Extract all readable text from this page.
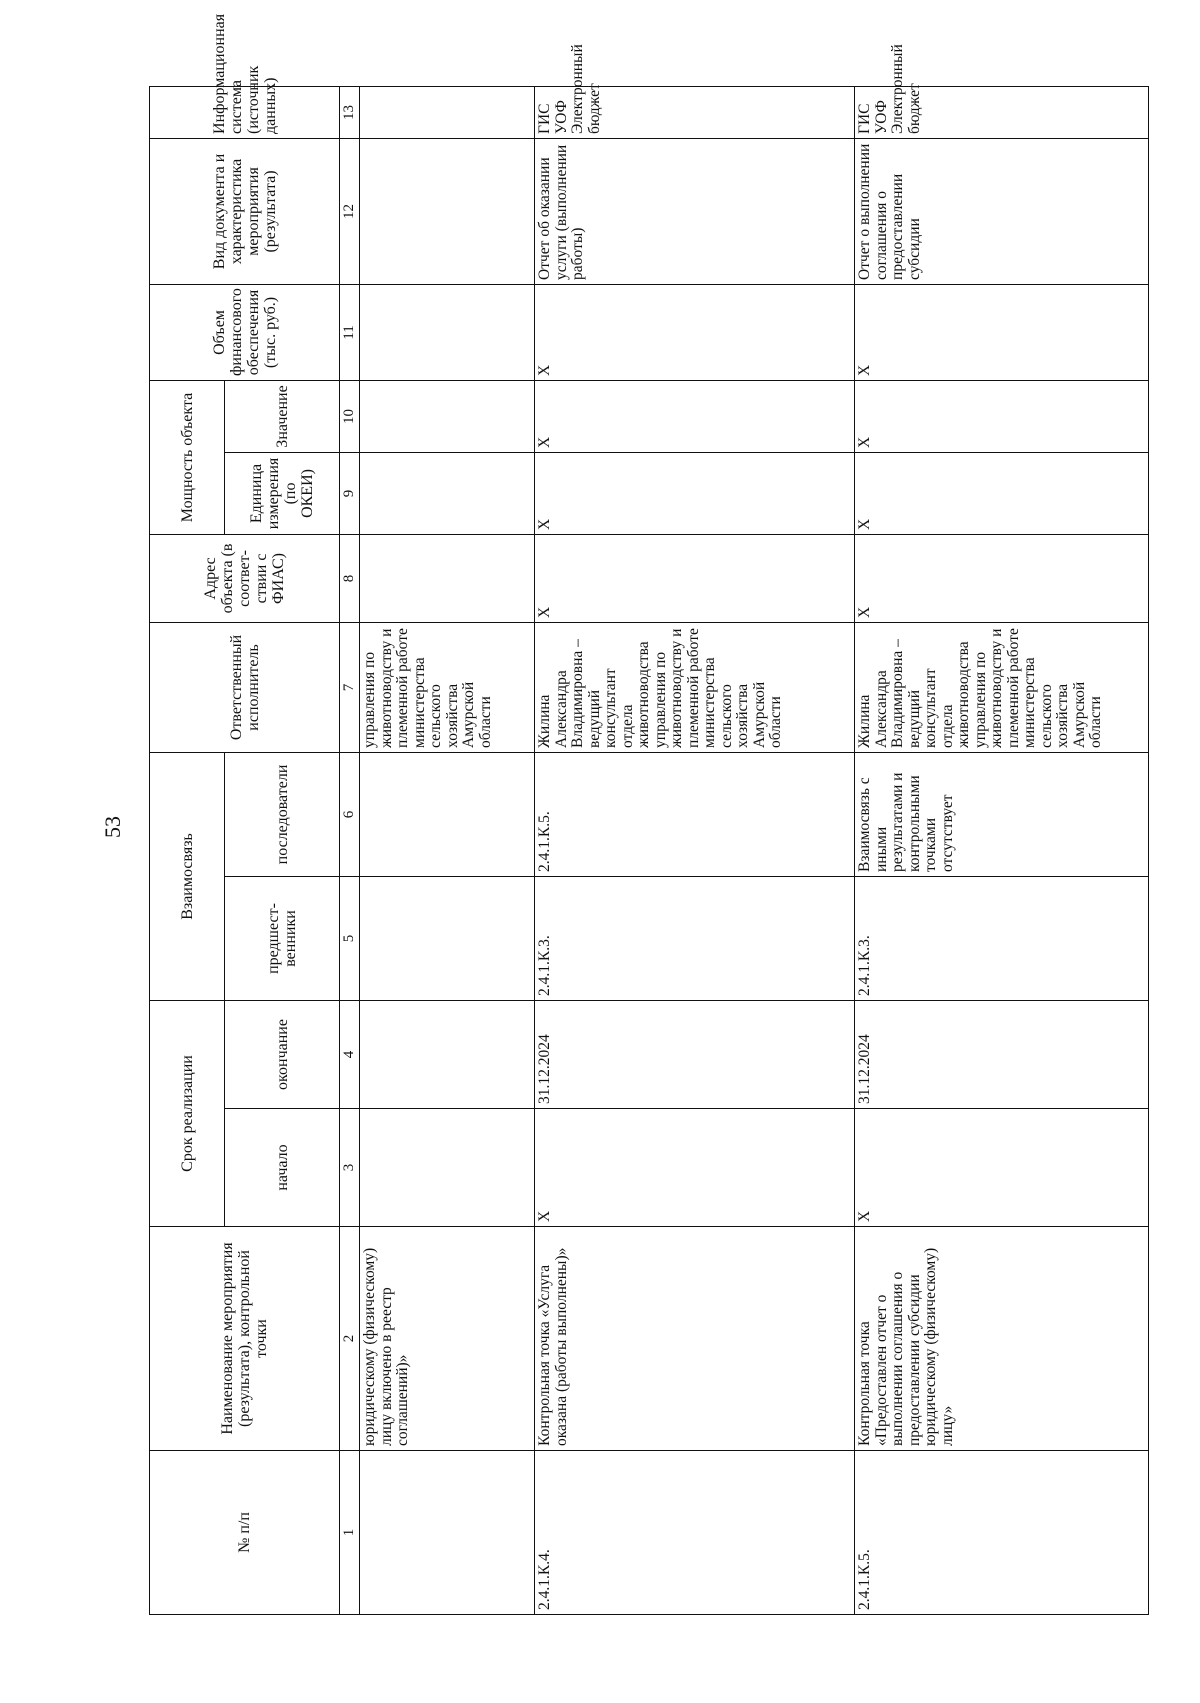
53
№ п/п	Наименование мероприятия (результата), контрольной точки	Срок реализации		Взаимосвязь		Ответственный исполнитель	Адрес объекта (в соответ-ствии с ФИАС)	Мощность объекта		Объем финансового обеспечения (тыс. руб.)	Вид документа и характеристика мероприятия (результата)	Информационная система (источник данных)
		начало	окончание	предшест-венники	последователи			Единица измерения (по ОКЕИ)	Значение			
1	2	3	4	5	6	7	8	9	10	11	12	13
	юридическому (физическому) лицу включено в реестр соглашений)»					управления по животноводству и племенной работе министерства сельского хозяйства Амурской области						
2.4.1.К.4.	Контрольная точка «Услуга оказана (работы выполнены)»	Х	31.12.2024	2.4.1.К.3.	2.4.1.К.5.	Жилина Александра Владимировна – ведущий консультант отдела животноводства управления по животноводству и племенной работе министерства сельского хозяйства Амурской области	Х	Х	Х	Х	Отчет об оказании услуги (выполнении работы)	ГИС УОФ Электронный бюджет
2.4.1.К.5.	Контрольная точка «Предоставлен отчет о выполнении соглашения о предоставлении субсидии юридическому (физическому) лицу»	Х	31.12.2024	2.4.1.К.3.	Взаимосвязь с иными результатами и контрольными точками отсутствует	Жилина Александра Владимировна – ведущий консультант отдела животноводства управления по животноводству и племенной работе министерства сельского хозяйства Амурской области	Х	Х	Х	Х	Отчет о выполнении соглашения о предоставлении субсидии	ГИС УОФ Электронный бюджет
